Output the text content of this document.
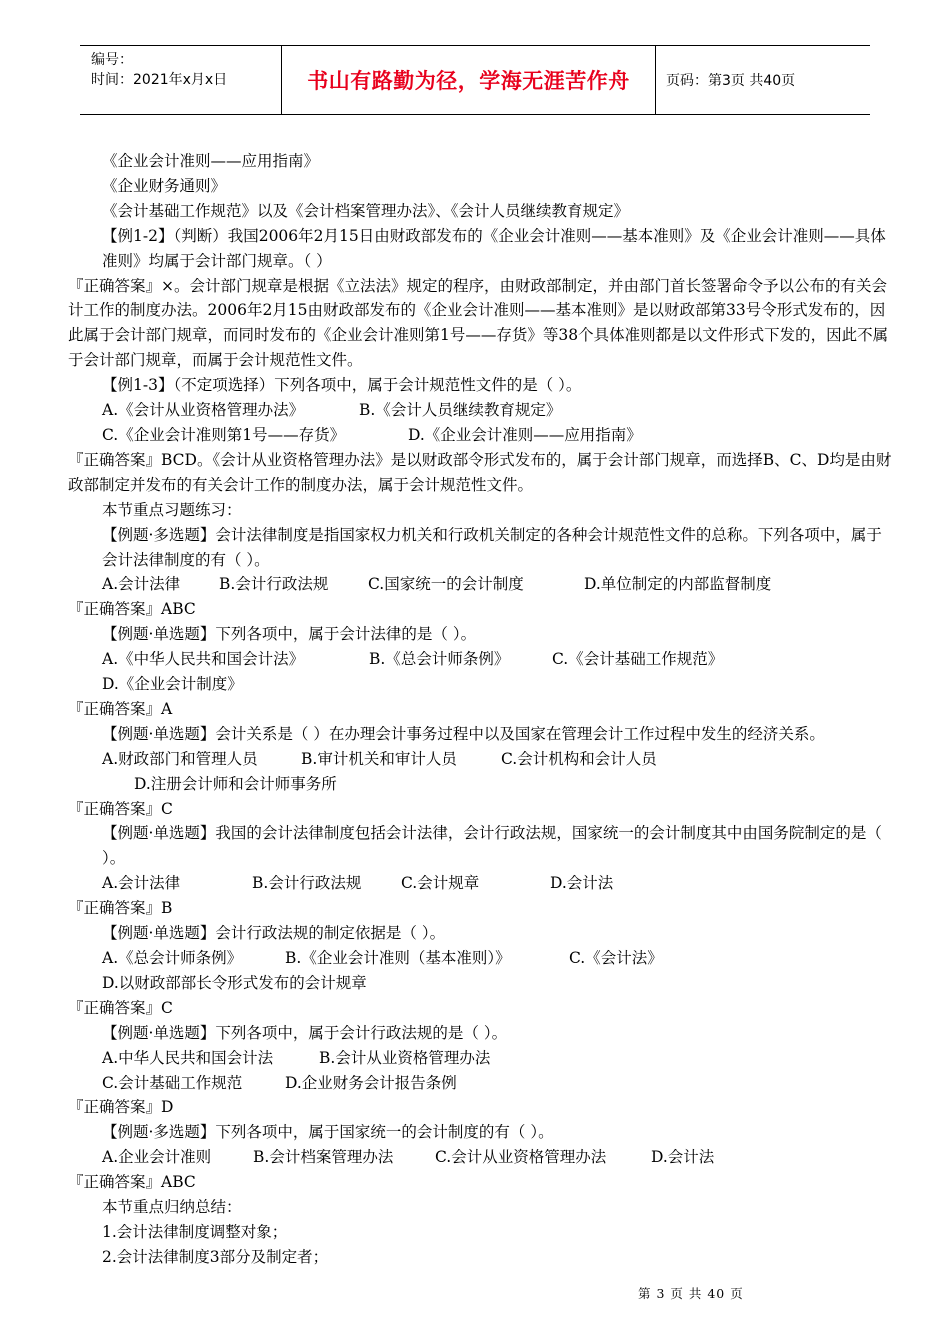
编号：
时间：2021年x月x日	书山有路勤为径，学海无涯苦作舟	页码：第3页 共40页

《企业会计准则——应用指南》

《企业财务通则》

《会计基础工作规范》以及《会计档案管理办法》、《会计人员继续教育规定》

【例1-2】（判断）我国2006年2月15日由财政部发布的《企业会计准则——基本准则》及《企业会计准则——具体准则》均属于会计部门规章。（ ）

『正确答案』×。会计部门规章是根据《立法法》规定的程序，由财政部制定，并由部门首长签署命令予以公布的有关会计工作的制度办法。2006年2月15由财政部发布的《企业会计准则——基本准则》是以财政部第33号令形式发布的，因此属于会计部门规章，而同时发布的《企业会计准则第1号——存货》等38个具体准则都是以文件形式下发的，因此不属于会计部门规章，而属于会计规范性文件。

【例1-3】（不定项选择）下列各项中，属于会计规范性文件的是（ ）。

A.《会计从业资格管理办法》	B.《会计人员继续教育规定》

C.《企业会计准则第1号——存货》	D.《企业会计准则——应用指南》

『正确答案』BCD。《会计从业资格管理办法》是以财政部令形式发布的，属于会计部门规章，而选择B、C、D均是由财政部制定并发布的有关会计工作的制度办法，属于会计规范性文件。

本节重点习题练习：

【例题·多选题】会计法律制度是指国家权力机关和行政机关制定的各种会计规范性文件的总称。下列各项中，属于会计法律制度的有（ ）。

A.会计法律	B.会计行政法规	C.国家统一的会计制度	D.单位制定的内部监督制度

『正确答案』ABC

【例题·单选题】下列各项中，属于会计法律的是（ ）。

A.《中华人民共和国会计法》	B.《总会计师条例》	C.《会计基础工作规范》

D.《企业会计制度》

『正确答案』A

【例题·单选题】会计关系是（ ）在办理会计事务过程中以及国家在管理会计工作过程中发生的经济关系。

A.财政部门和管理人员	B.审计机关和审计人员	C.会计机构和会计人员

D.注册会计师和会计师事务所

『正确答案』C

【例题·单选题】我国的会计法律制度包括会计法律，会计行政法规，国家统一的会计制度其中由国务院制定的是（ ）。

A.会计法律	B.会计行政法规	C.会计规章	D.会计法

『正确答案』B

【例题·单选题】会计行政法规的制定依据是（ ）。

A.《总会计师条例》	B.《企业会计准则（基本准则）》	C.《会计法》

D.以财政部部长令形式发布的会计规章

『正确答案』C

【例题·单选题】下列各项中，属于会计行政法规的是（ ）。

A.中华人民共和国会计法	B.会计从业资格管理办法

C.会计基础工作规范	D.企业财务会计报告条例

『正确答案』D

【例题·多选题】下列各项中，属于国家统一的会计制度的有（ ）。

A.企业会计准则	B.会计档案管理办法	C.会计从业资格管理办法	D.会计法

『正确答案』ABC

本节重点归纳总结：

1.会计法律制度调整对象；

2.会计法律制度3部分及制定者；

第 3 页 共 40 页
